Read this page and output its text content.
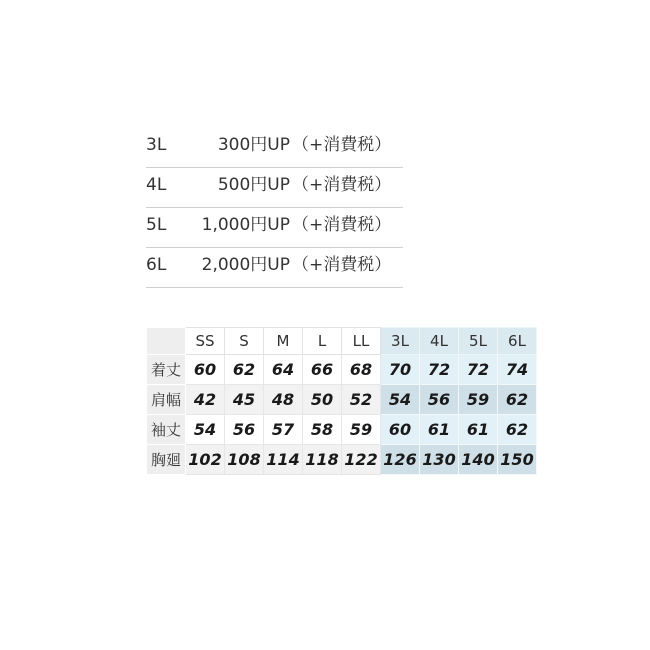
3L	300円UP （+消費税）
4L	500円UP （+消費税）
5L	1,000円UP （+消費税）
6L	2,000円UP （+消費税）
	SS	S	M	L	LL	3L	4L	5L	6L
着丈	60	62	64	66	68	70	72	72	74
肩幅	42	45	48	50	52	54	56	59	62
袖丈	54	56	57	58	59	60	61	61	62
胸廻	102	108	114	118	122	126	130	140	150
